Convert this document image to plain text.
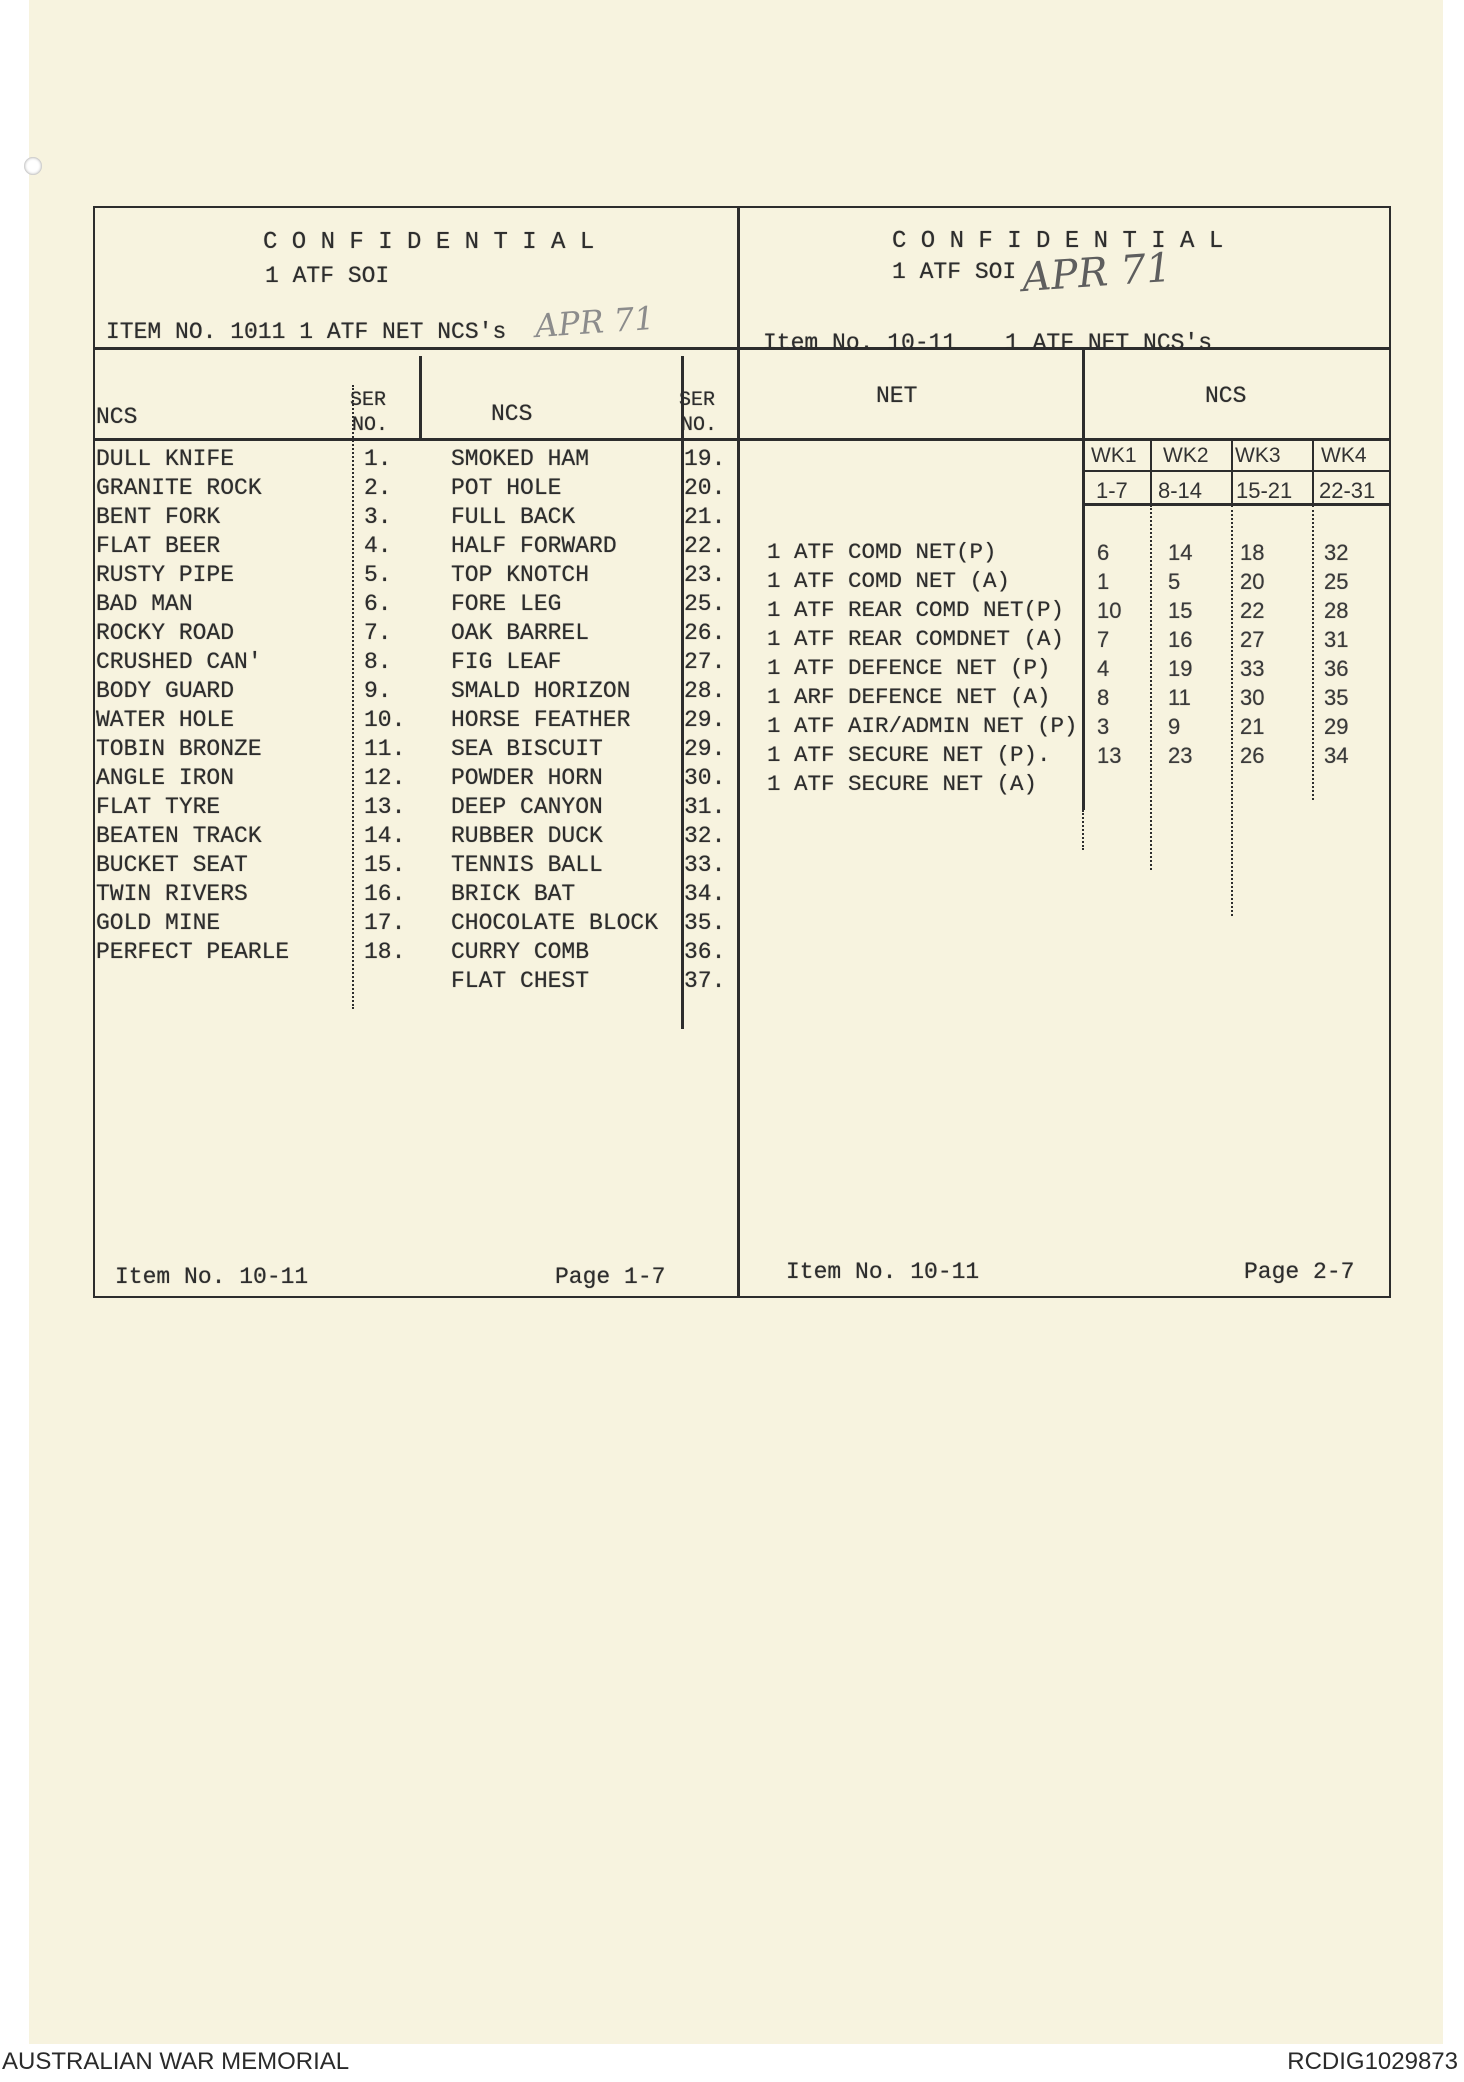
C O N F I D E N T I A L
1 ATF SOI
ITEM NO. 1011 1 ATF NET NCS's APR 71
NCS
SER
NO.	NCS
SER
NO.
DULL KNIFE	1.	SMOKED HAM	19.
GRANITE ROCK	2.	POT HOLE	20.
BENT FORK	3.	FULL BACK	21.
FLAT BEER	4.	HALF FORWARD	22.
RUSTY PIPE	5.	TOP KNOTCH	23.
BAD MAN	6.	FORE LEG	25.
ROCKY ROAD	7.	OAK BARREL	26.
CRUSHED CAN'	8.	FIG LEAF	27.
BODY GUARD	9.	SMALD HORIZON 28.
WATER HOLE	10. HORSE FEATHER 29.
TOBIN BRONZE	11. SEA BISCUIT	29.
ANGLE IRON	12. POWDER HORN	30.
FLAT TYRE	13. DEEP CANYON	31.
BEATEN TRACK	14. RUBBER DUCK	32.
BUCKET SEAT	15. TENNIS BALL	33.
TWIN RIVERS	16. BRICK BAT	34.
GOLD MINE	17. CHOCOLATE BLOCK 35.
PERFECT PEARLE	18. CURRY COMB	36.
FLAT CHEST	37.
Item No. 10-11	Page 1-7
C O N F I D E N T I A L
1 ATF SOI APR 71
Item No. 10-11 1 ATF NET NCS's
NET	NCS
WK1 WK2 WK3 WK4
1-7 8-14 15-21 22-31
1 ATF COMD NET(P)	6	14 18	32
1 ATF COMD NET (A)	1	5	20	25
1 ATF REAR COMD NET(P) 10 15 22	28
1 ATF REAR COMDNET (A) 7	16 27	31
1 ATF DEFENCE NET (P) 4	19 33	36
1 ARF DEFENCE NET (A) 8	11 30	35
1 ATF AIR/ADMIN NET (P) 3	9	21	29
1 ATF SECURE NET (P). 13 23 26	34
1 ATF SECURE NET (A)
Item No. 10-11	Page 2-7
AUSTRALIAN WAR MEMORIAL	RCDIG1029873
